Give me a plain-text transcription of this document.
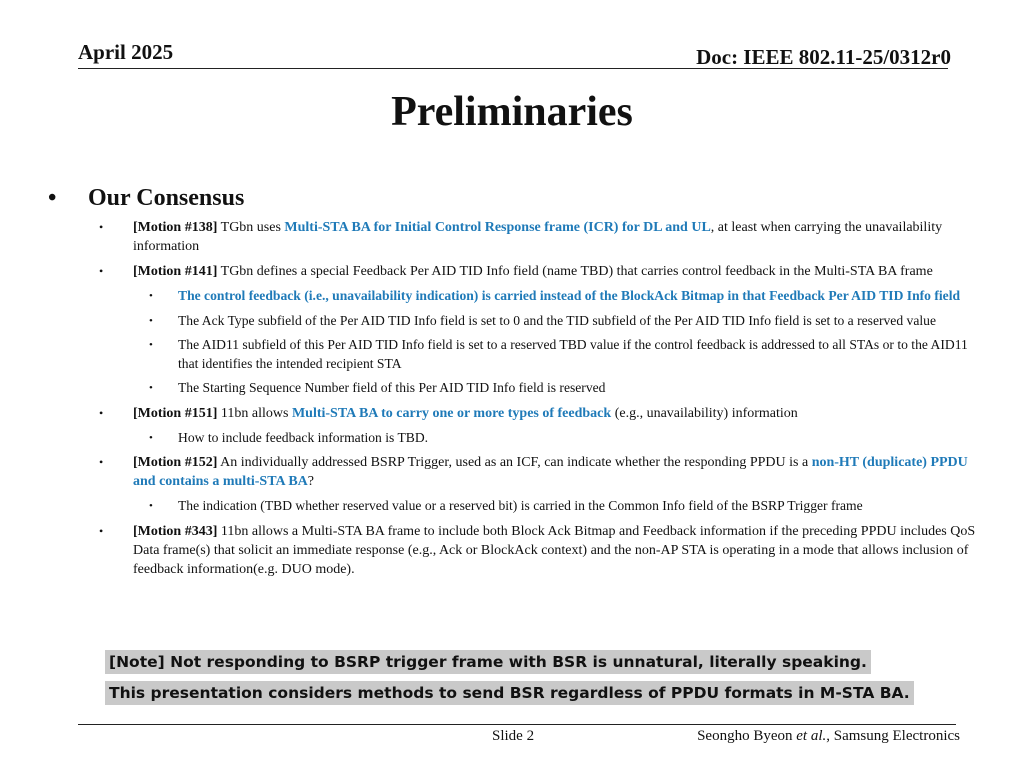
April 2025	Doc: IEEE 802.11-25/0312r0
Preliminaries
•	Our Consensus
•	[Motion #138] TGbn uses Multi-STA BA for Initial Control Response frame (ICR) for DL and UL, at least when carrying the unavailability information
•	[Motion #141] TGbn defines a special Feedback Per AID TID Info field (name TBD) that carries control feedback in the Multi-STA BA frame
•	The control feedback (i.e., unavailability indication) is carried instead of the BlockAck Bitmap in that Feedback Per AID TID Info field
•	The Ack Type subfield of the Per AID TID Info field is set to 0 and the TID subfield of the Per AID TID Info field is set to a reserved value
•	The AID11 subfield of this Per AID TID Info field is set to a reserved TBD value if the control feedback is addressed to all STAs or to the AID11 that identifies the intended recipient STA
•	The Starting Sequence Number field of this Per AID TID Info field is reserved
•	[Motion #151] 11bn allows Multi-STA BA to carry one or more types of feedback (e.g., unavailability) information
•	How to include feedback information is TBD.
•	[Motion #152] An individually addressed BSRP Trigger, used as an ICF, can indicate whether the responding PPDU is a non-HT (duplicate) PPDU and contains a multi-STA BA?
•	The indication (TBD whether reserved value or a reserved bit) is carried in the Common Info field of the BSRP Trigger frame
•	[Motion #343] 11bn allows a Multi-STA BA frame to include both Block Ack Bitmap and Feedback information if the preceding PPDU includes QoS Data frame(s) that solicit an immediate response (e.g., Ack or BlockAck context) and the non-AP STA is operating in a mode that allows inclusion of feedback information(e.g. DUO mode).
[Note] Not responding to BSRP trigger frame with BSR is unnatural, literally speaking.
This presentation considers methods to send BSR regardless of PPDU formats in M-STA BA.
Slide 2	Seongho Byeon et al., Samsung Electronics
